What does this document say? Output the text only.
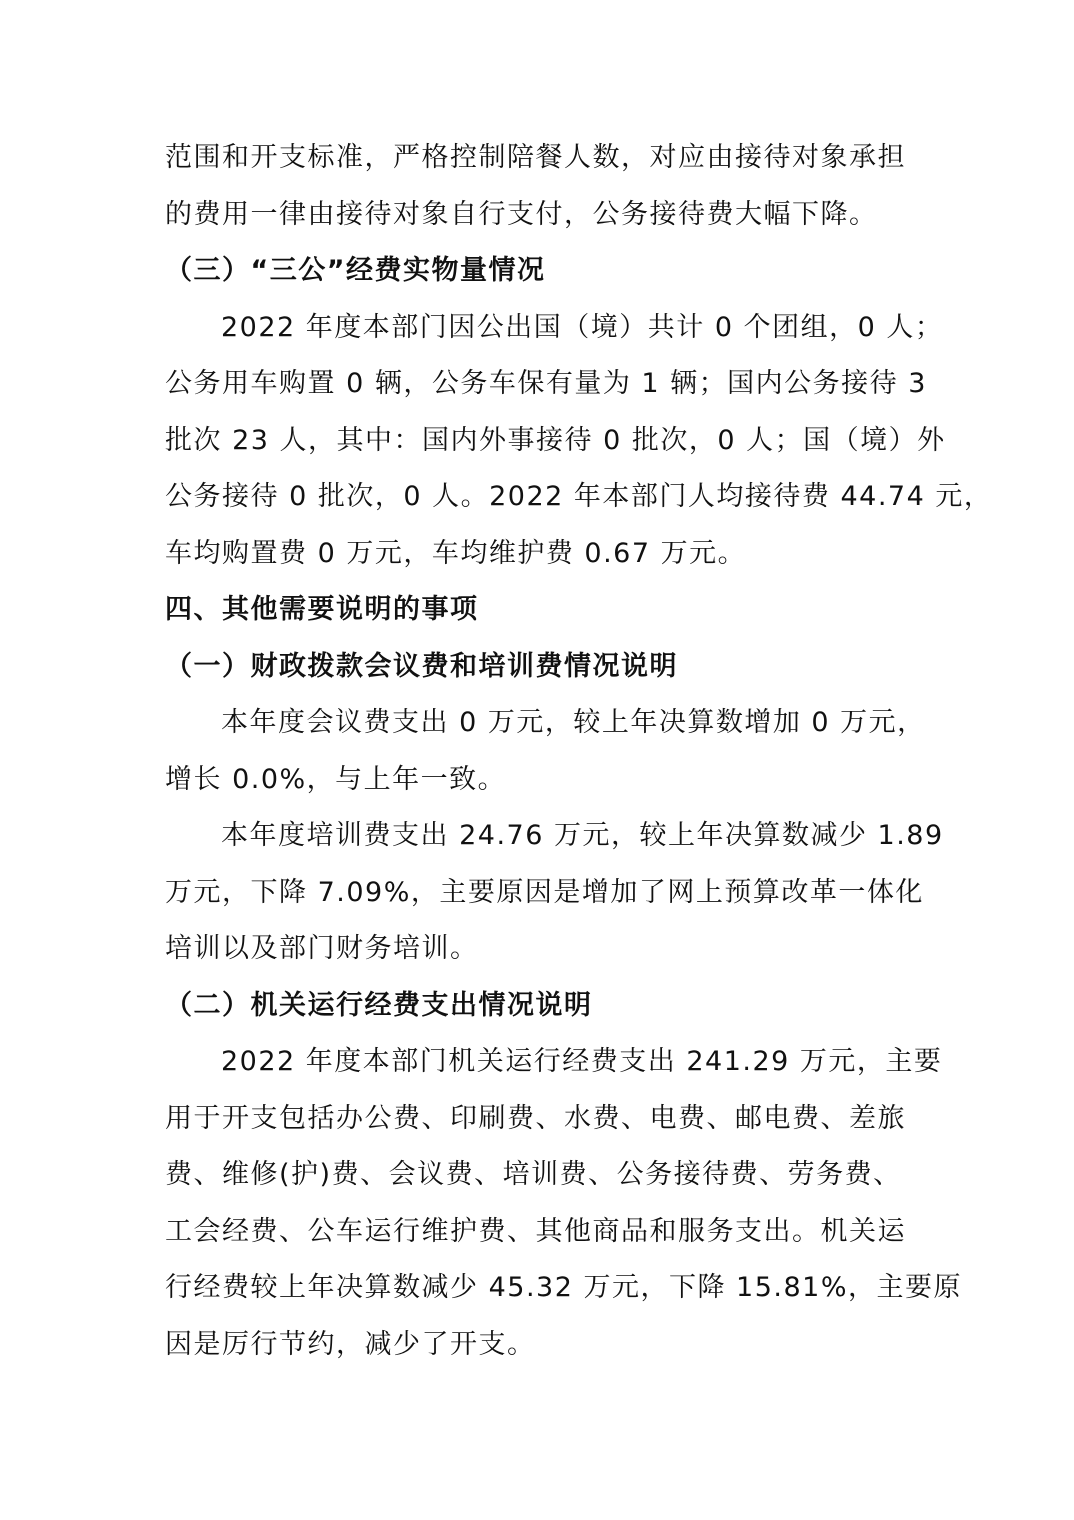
范围和开支标准，严格控制陪餐人数，对应由接待对象承担
的费用一律由接待对象自行支付，公务接待费大幅下降。
（三）“三公”经费实物量情况
2022 年度本部门因公出国（境）共计 0 个团组，0 人；
公务用车购置 0 辆，公务车保有量为 1 辆；国内公务接待 3
批次 23 人，其中：国内外事接待 0 批次，0 人；国（境）外
公务接待 0 批次，0 人。2022 年本部门人均接待费 44.74 元，
车均购置费 0 万元，车均维护费 0.67 万元。
四、其他需要说明的事项
（一）财政拨款会议费和培训费情况说明
本年度会议费支出 0 万元，较上年决算数增加 0 万元，
增长 0.0%，与上年一致。
本年度培训费支出 24.76 万元，较上年决算数减少 1.89
万元，下降 7.09%，主要原因是增加了网上预算改革一体化
培训以及部门财务培训。
（二）机关运行经费支出情况说明
2022 年度本部门机关运行经费支出 241.29 万元，主要
用于开支包括办公费、印刷费、水费、电费、邮电费、差旅
费、维修(护)费、会议费、培训费、公务接待费、劳务费、
工会经费、公车运行维护费、其他商品和服务支出。机关运
行经费较上年决算数减少 45.32 万元，下降 15.81%，主要原
因是厉行节约，减少了开支。
